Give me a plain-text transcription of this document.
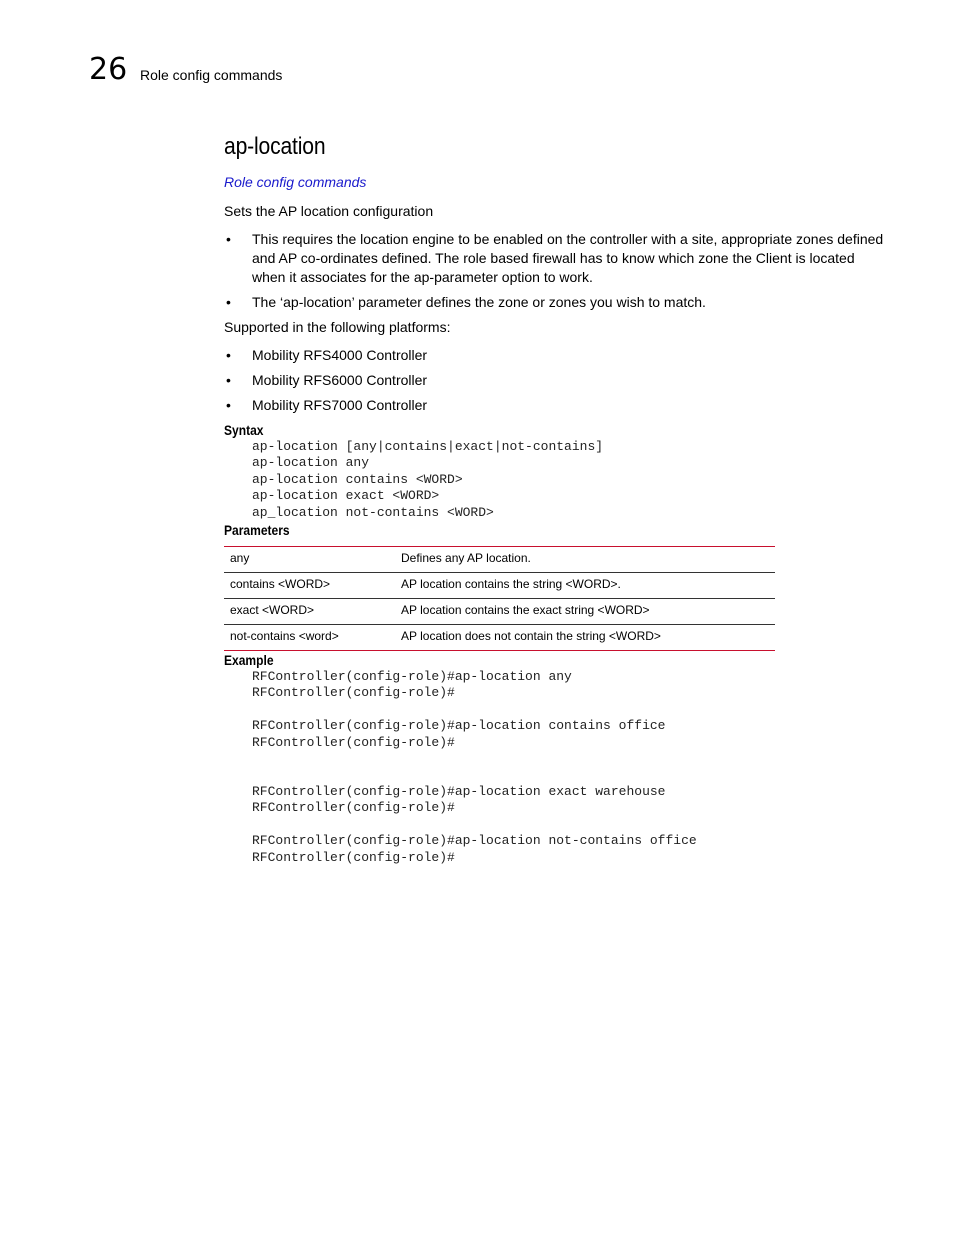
26 Role config commands
ap-location
Role config commands

Sets the AP location configuration

• This requires the location engine to be enabled on the controller with a site, appropriate zones defined and AP co-ordinates defined. The role based firewall has to know which zone the Client is located when it associates for the ap-parameter option to work.
• The ‘ap-location’ parameter defines the zone or zones you wish to match.

Supported in the following platforms:

• Mobility RFS4000 Controller
• Mobility RFS6000 Controller
• Mobility RFS7000 Controller
Syntax
ap-location [any|contains|exact|not-contains]
ap-location any
ap-location contains <WORD>
ap-location exact <WORD>
ap_location not-contains <WORD>
Parameters
any	Defines any AP location.
contains <WORD>	AP location contains the string <WORD>.
exact <WORD>	AP location contains the exact string <WORD>
not-contains <word>	AP location does not contain the string <WORD>
Example
RFController(config-role)#ap-location any
RFController(config-role)#

RFController(config-role)#ap-location contains office
RFController(config-role)#

RFController(config-role)#ap-location exact warehouse
RFController(config-role)#

RFController(config-role)#ap-location not-contains office
RFController(config-role)#
